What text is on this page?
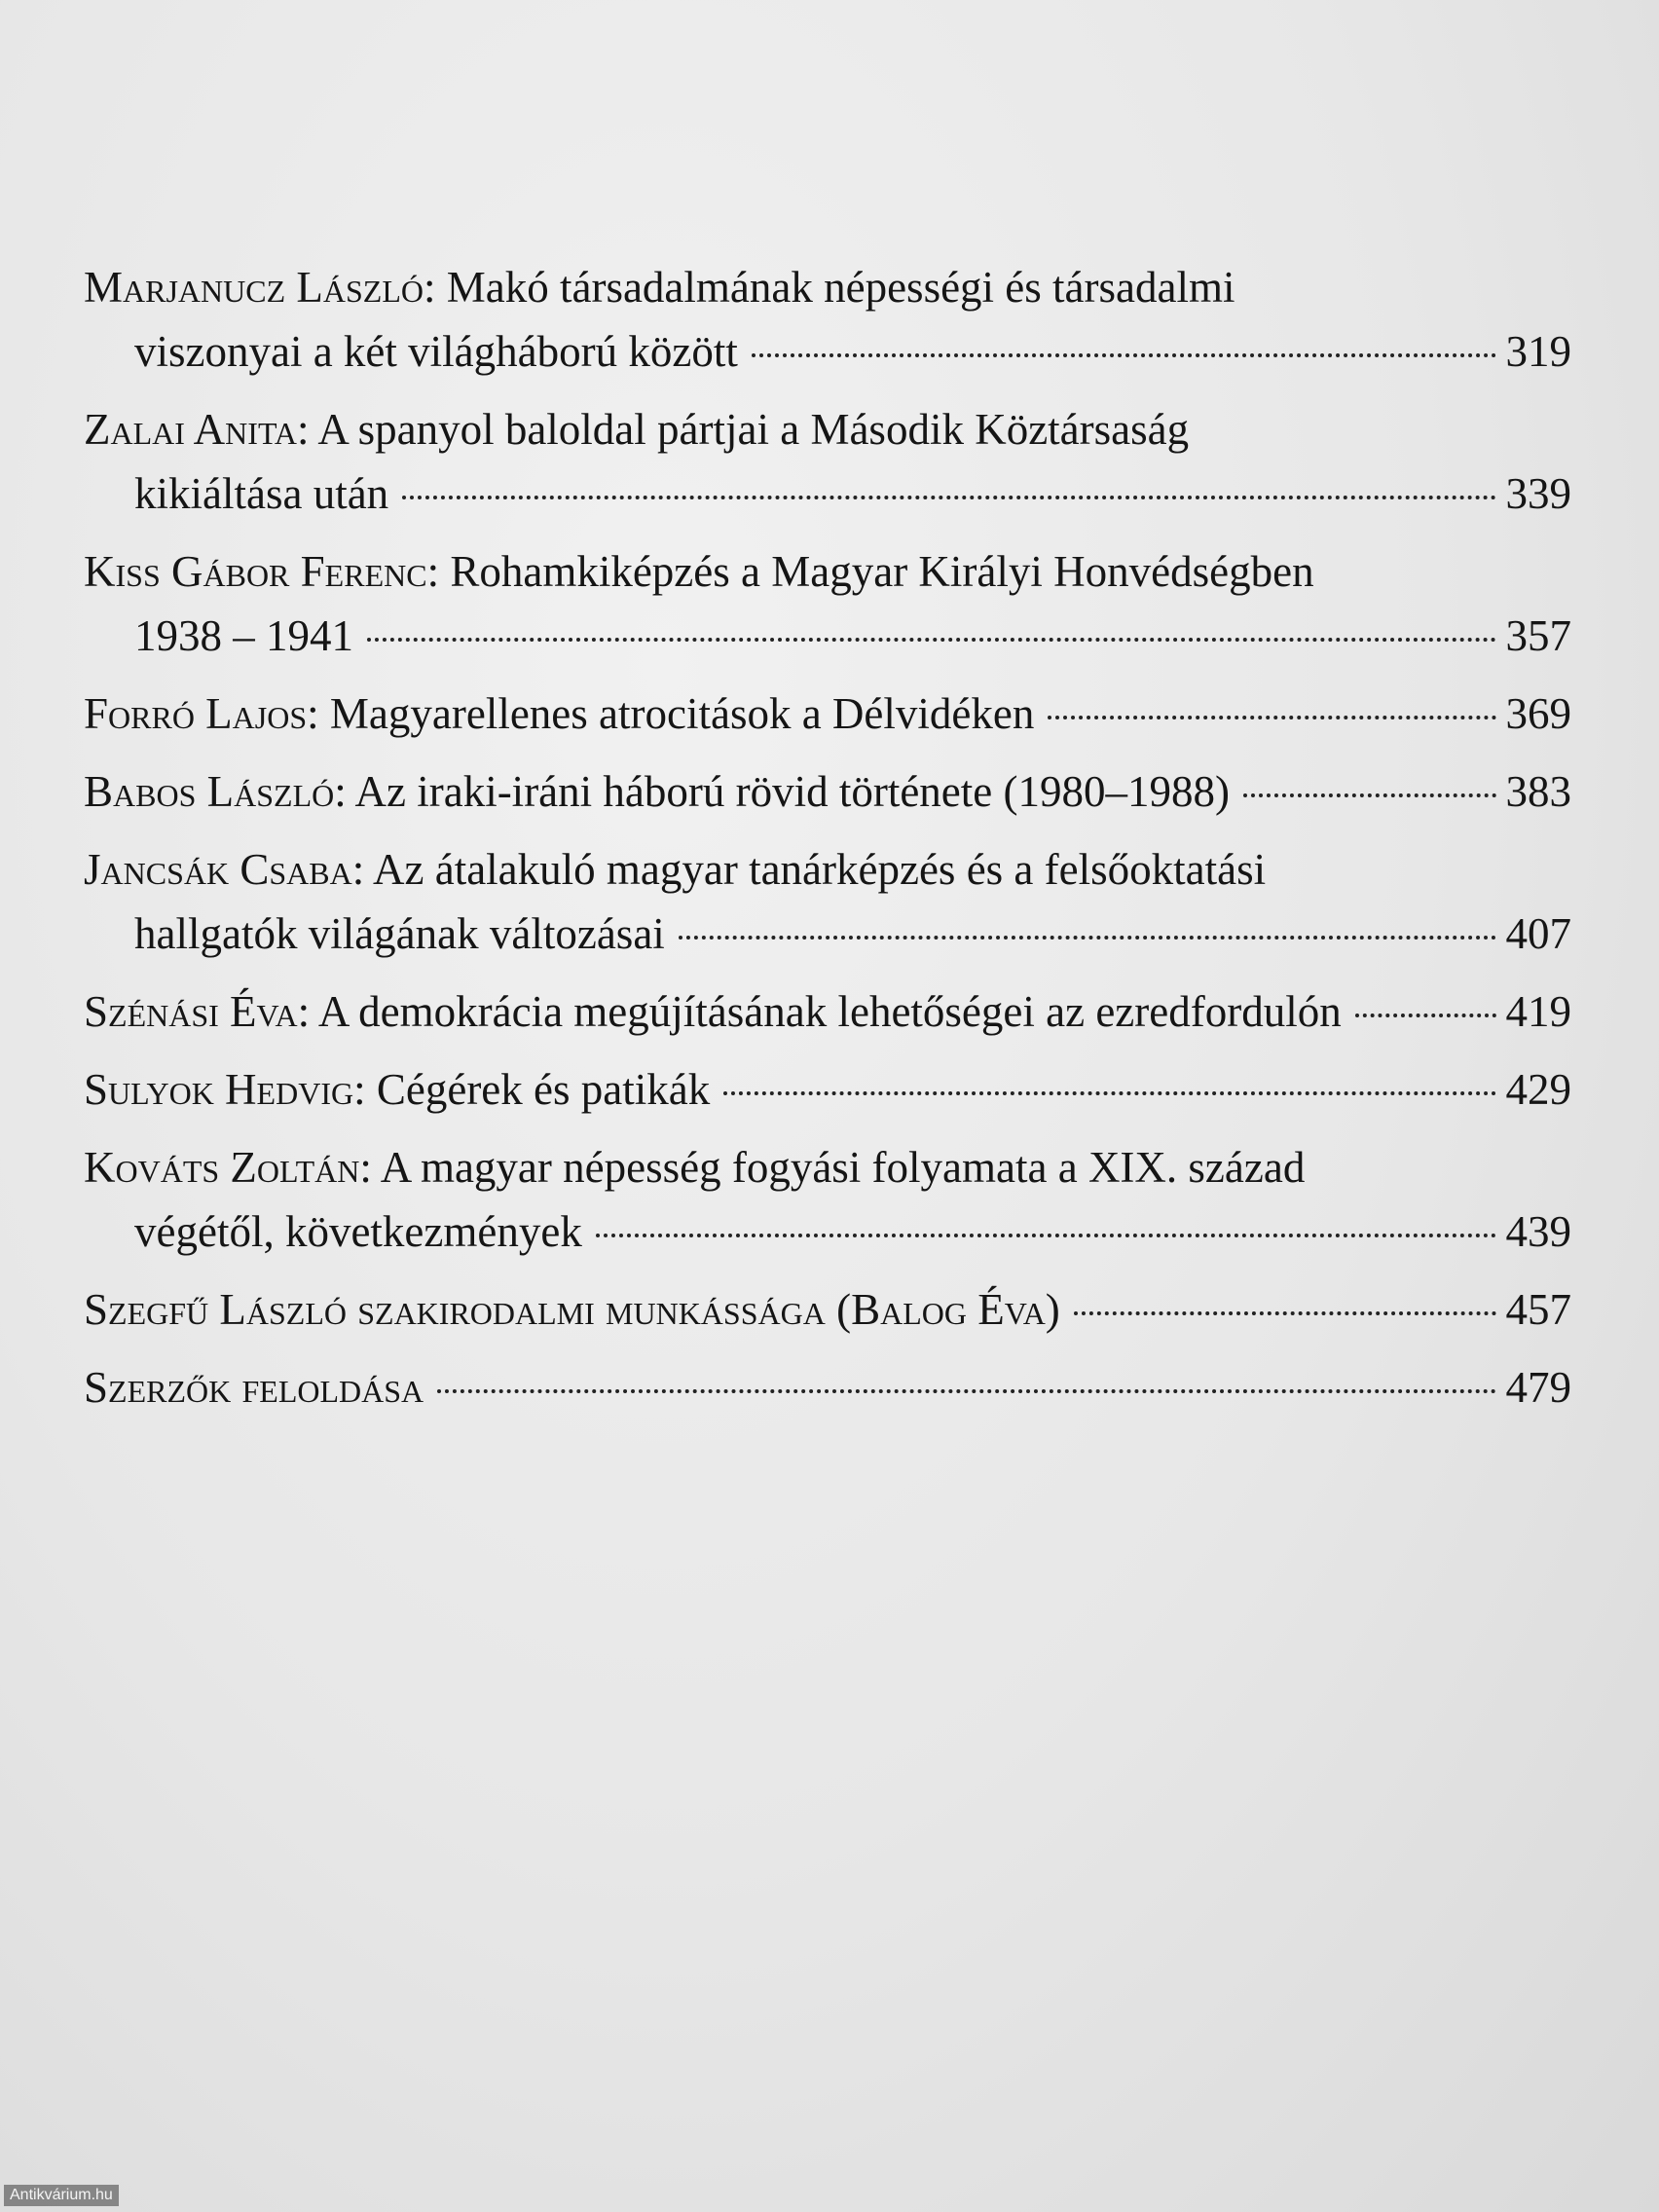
Marjanucz László: Makó társadalmának népességi és társadalmi
viszonyai a két világháború között	319
Zalai Anita: A spanyol baloldal pártjai a Második Köztársaság
kikiáltása után	339
Kiss Gábor Ferenc: Rohamkiképzés a Magyar Királyi Honvédségben
1938 – 1941	357
Forró Lajos: Magyarellenes atrocitások a Délvidéken	369
Babos László: Az iraki-iráni háború rövid története (1980–1988)	383
Jancsák Csaba: Az átalakuló magyar tanárképzés és a felsőoktatási
hallgatók világának változásai	407
Szénási Éva: A demokrácia megújításának lehetőségei az ezredfordulón	419
Sulyok Hedvig: Cégérek és patikák	429
Kováts Zoltán: A magyar népesség fogyási folyamata a XIX. század
végétől, következmények	439
Szegfű László szakirodalmi munkássága (Balog Éva)	457
Szerzők feloldása	479
Antikvárium.hu
